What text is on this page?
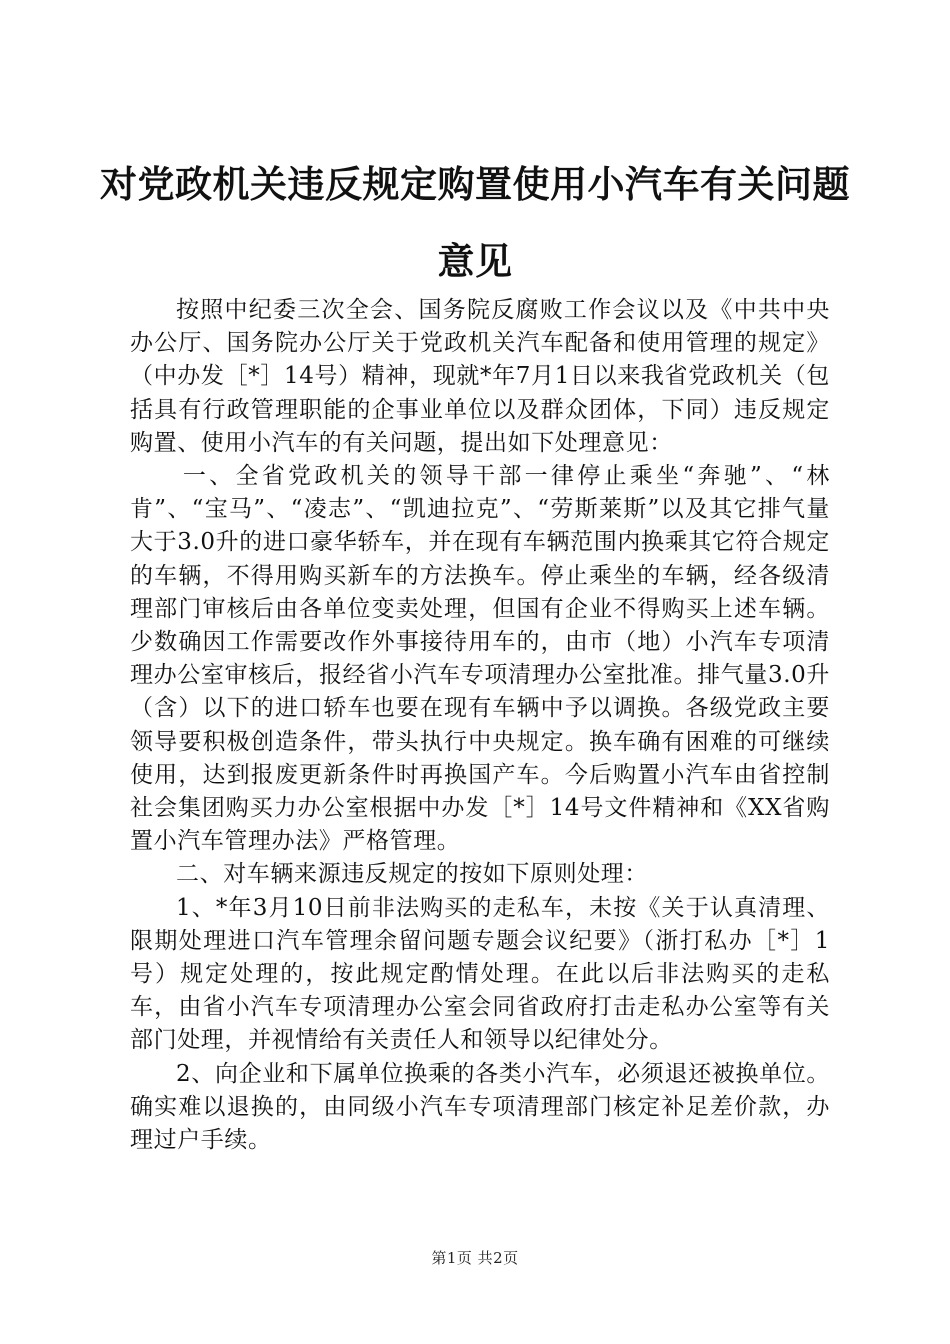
对党政机关违反规定购置使用小汽车有关问题
意见

按照中纪委三次全会、国务院反腐败工作会议以及《中共中央办公厅、国务院办公厅关于党政机关汽车配备和使用管理的规定》（中办发［*］14号）精神，现就*年7月1日以来我省党政机关（包括具有行政管理职能的企事业单位以及群众团体，下同）违反规定购置、使用小汽车的有关问题，提出如下处理意见：

一、全省党政机关的领导干部一律停止乘坐“奔驰”、“林肯”、“宝马”、“凌志”、“凯迪拉克”、“劳斯莱斯”以及其它排气量大于3.0升的进口豪华轿车，并在现有车辆范围内换乘其它符合规定的车辆，不得用购买新车的方法换车。停止乘坐的车辆，经各级清理部门审核后由各单位变卖处理，但国有企业不得购买上述车辆。少数确因工作需要改作外事接待用车的，由市（地）小汽车专项清理办公室审核后，报经省小汽车专项清理办公室批准。排气量3.0升（含）以下的进口轿车也要在现有车辆中予以调换。各级党政主要领导要积极创造条件，带头执行中央规定。换车确有困难的可继续使用，达到报废更新条件时再换国产车。今后购置小汽车由省控制社会集团购买力办公室根据中办发［*］14号文件精神和《XX省购置小汽车管理办法》严格管理。

二、对车辆来源违反规定的按如下原则处理：

1、*年3月10日前非法购买的走私车，未按《关于认真清理、限期处理进口汽车管理余留问题专题会议纪要》（浙打私办［*］1号）规定处理的，按此规定酌情处理。在此以后非法购买的走私车，由省小汽车专项清理办公室会同省政府打击走私办公室等有关部门处理，并视情给有关责任人和领导以纪律处分。

2、向企业和下属单位换乘的各类小汽车，必须退还被换单位。确实难以退换的，由同级小汽车专项清理部门核定补足差价款，办理过户手续。

第1页 共2页
